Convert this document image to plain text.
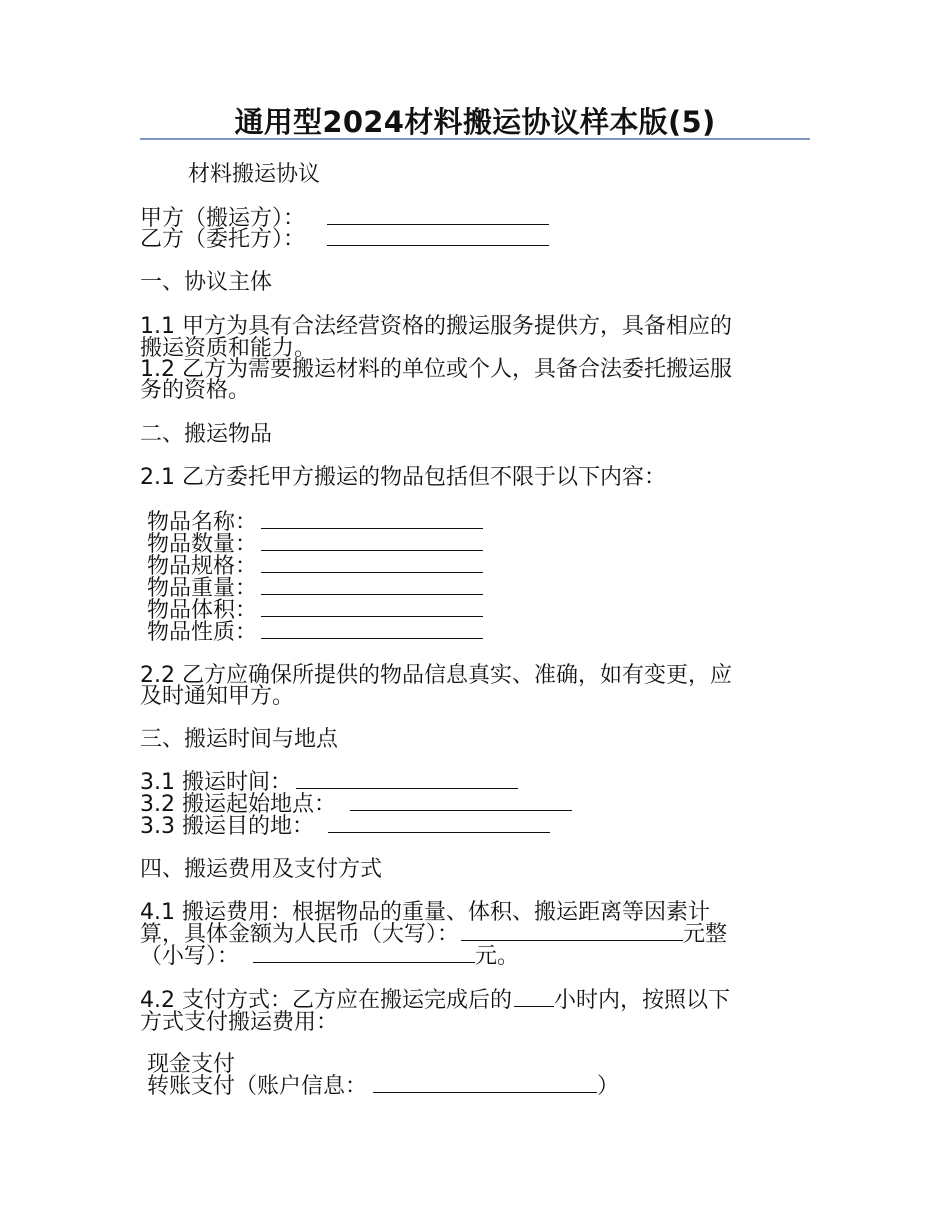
通用型2024材料搬运协议样本版(5)
材料搬运协议
甲方（搬运方）：
乙方（委托方）：
一、协议主体
1.1 甲方为具有合法经营资格的搬运服务提供方，具备相应的
搬运资质和能力。
1.2 乙方为需要搬运材料的单位或个人，具备合法委托搬运服
务的资格。
二、搬运物品
2.1 乙方委托甲方搬运的物品包括但不限于以下内容：
物品名称：
物品数量：
物品规格：
物品重量：
物品体积：
物品性质：
2.2 乙方应确保所提供的物品信息真实、准确，如有变更，应
及时通知甲方。
三、搬运时间与地点
3.1 搬运时间：
3.2 搬运起始地点：
3.3 搬运目的地：
四、搬运费用及支付方式
4.1 搬运费用：根据物品的重量、体积、搬运距离等因素计
算，具体金额为人民币（大写）：	元整
（小写）：	元。
4.2 支付方式：乙方应在搬运完成后的 小时内，按照以下
方式支付搬运费用：
现金支付
转账支付（账户信息：	）
